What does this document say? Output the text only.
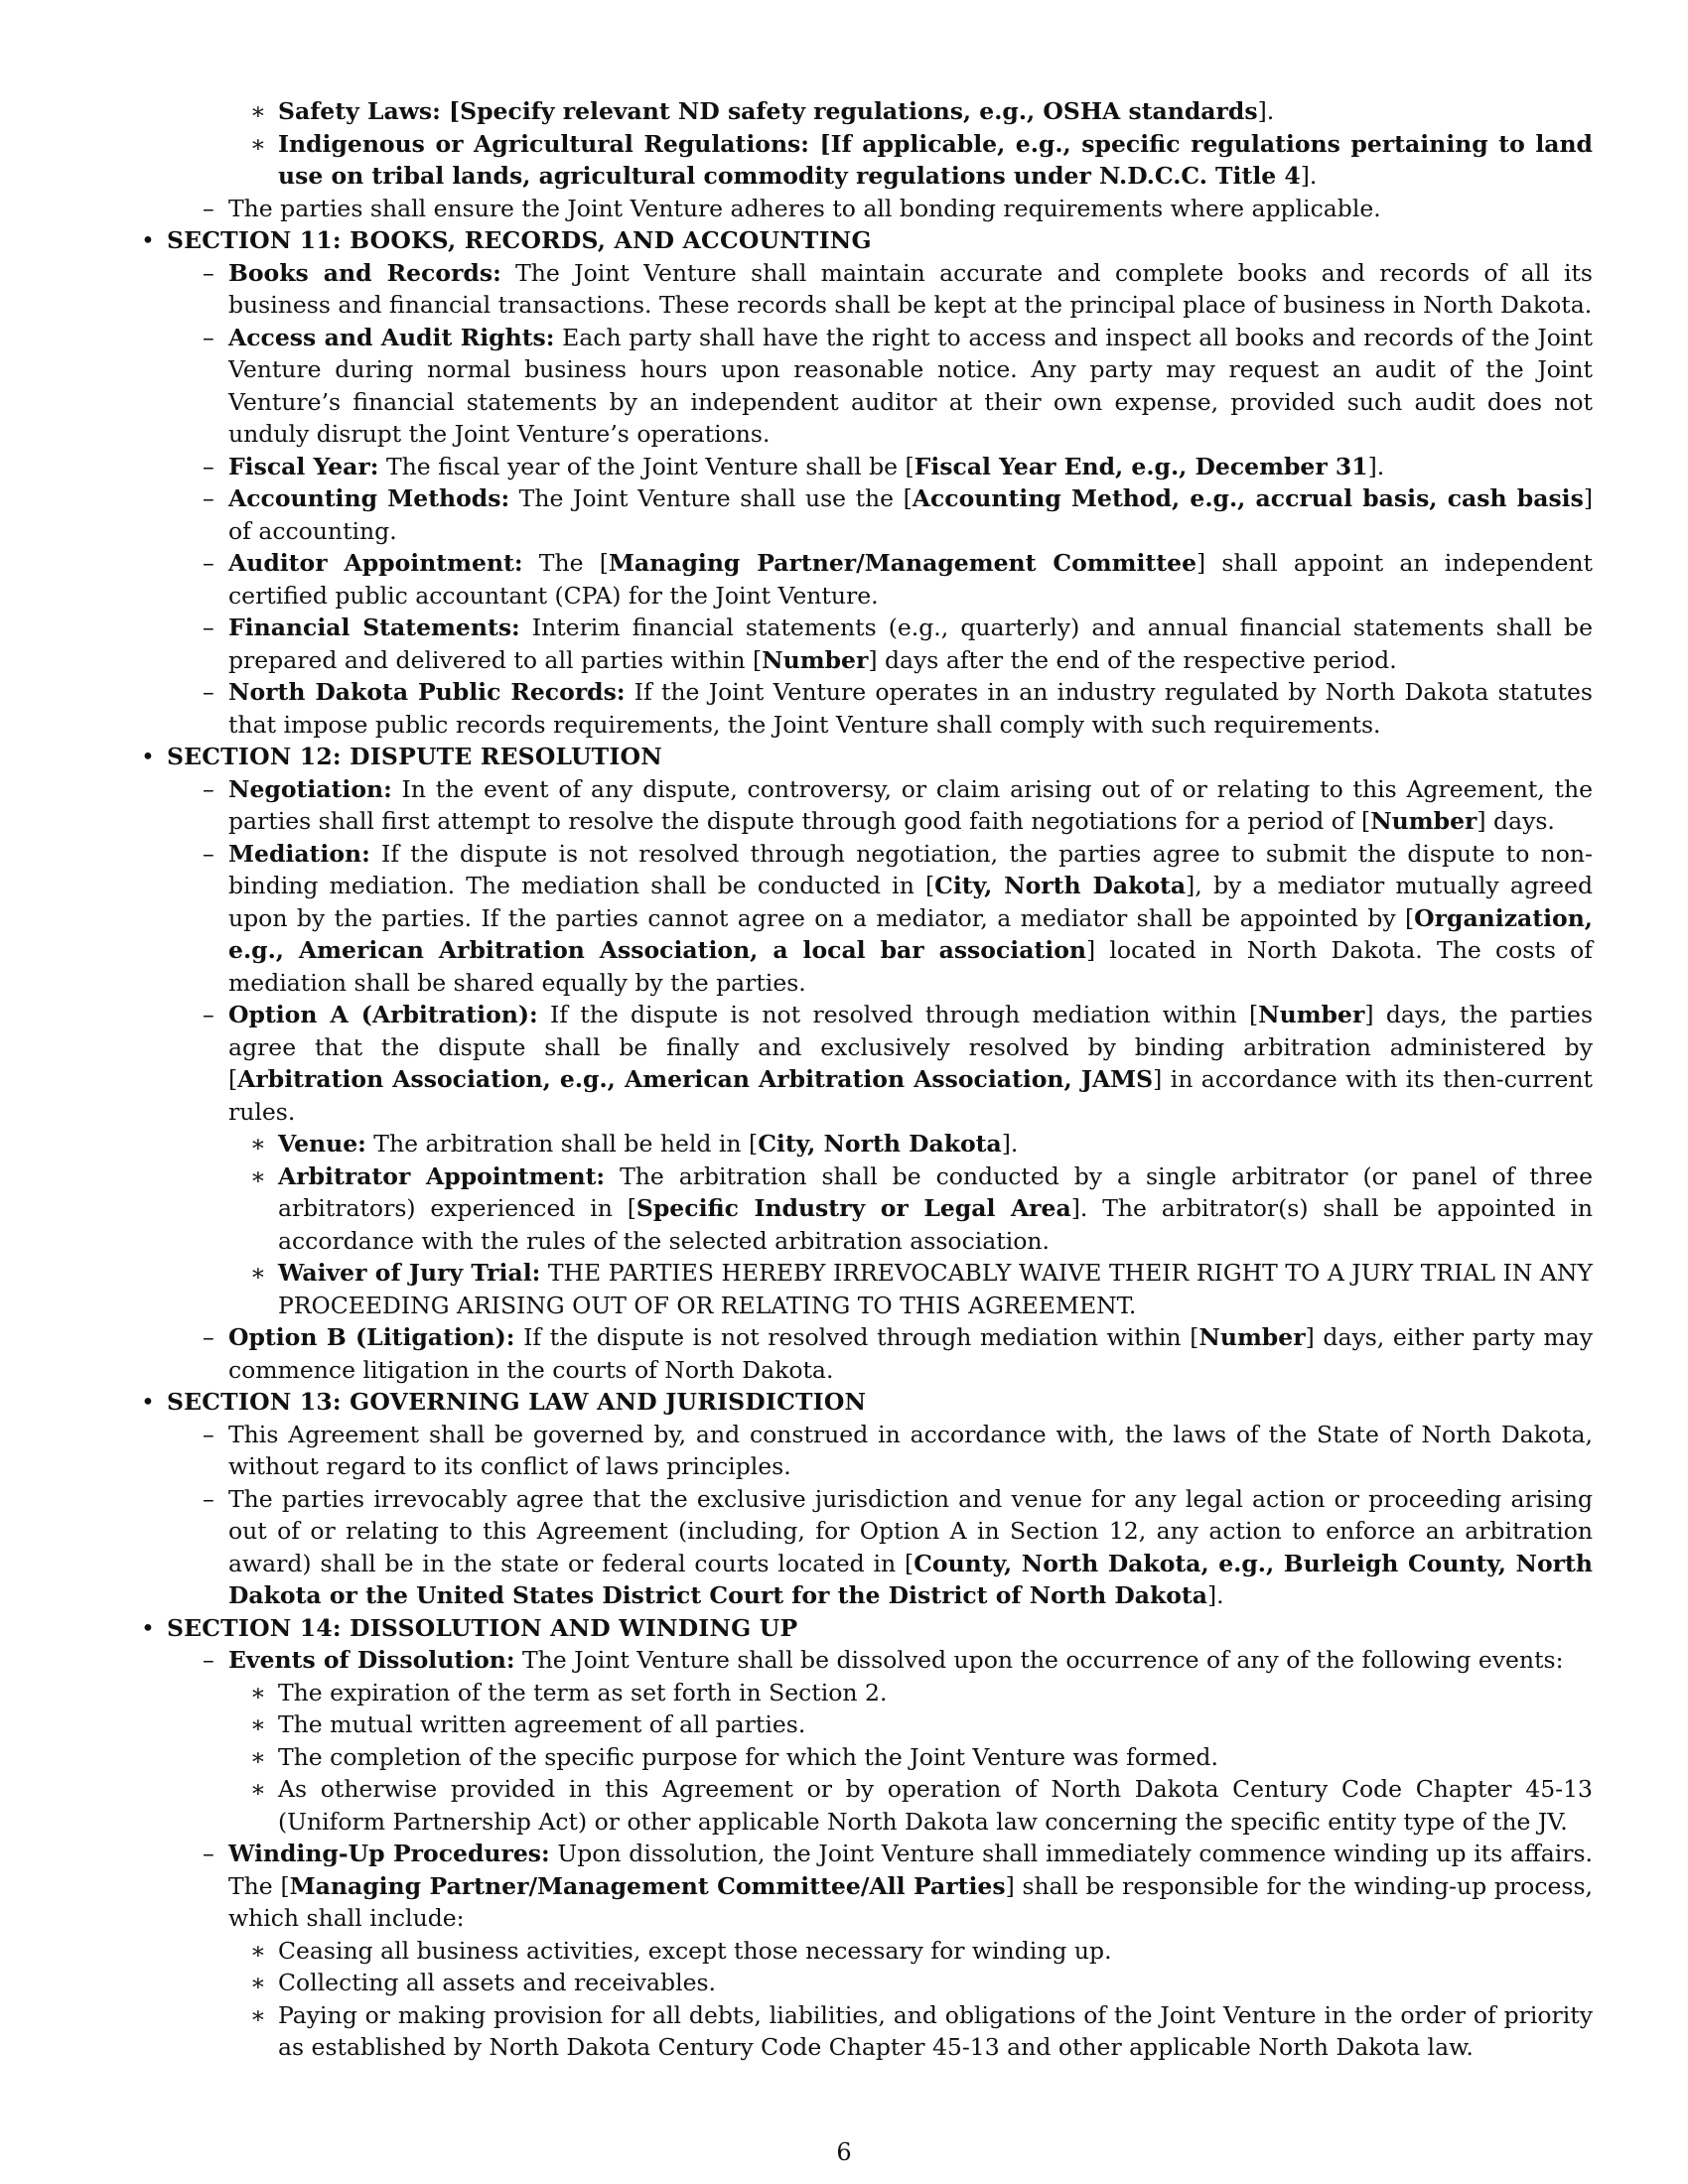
∗ Safety Laws: [Specify relevant ND safety regulations, e.g., OSHA standards].
∗ Indigenous or Agricultural Regulations: [If applicable, e.g., specific regulations pertaining to land use on tribal lands, agricultural commodity regulations under N.D.C.C. Title 4].
– The parties shall ensure the Joint Venture adheres to all bonding requirements where applicable.
• SECTION 11: BOOKS, RECORDS, AND ACCOUNTING
– Books and Records: The Joint Venture shall maintain accurate and complete books and records of all its business and financial transactions. These records shall be kept at the principal place of business in North Dakota.
– Access and Audit Rights: Each party shall have the right to access and inspect all books and records of the Joint Venture during normal business hours upon reasonable notice. Any party may request an audit of the Joint Venture’s financial statements by an independent auditor at their own expense, provided such audit does not unduly disrupt the Joint Venture’s operations.
– Fiscal Year: The fiscal year of the Joint Venture shall be [Fiscal Year End, e.g., December 31].
– Accounting Methods: The Joint Venture shall use the [Accounting Method, e.g., accrual basis, cash basis] of accounting.
– Auditor Appointment: The [Managing Partner/Management Committee] shall appoint an independent certified public accountant (CPA) for the Joint Venture.
– Financial Statements: Interim financial statements (e.g., quarterly) and annual financial statements shall be prepared and delivered to all parties within [Number] days after the end of the respective period.
– North Dakota Public Records: If the Joint Venture operates in an industry regulated by North Dakota statutes that impose public records requirements, the Joint Venture shall comply with such requirements.
• SECTION 12: DISPUTE RESOLUTION
– Negotiation: In the event of any dispute, controversy, or claim arising out of or relating to this Agreement, the parties shall first attempt to resolve the dispute through good faith negotiations for a period of [Number] days.
– Mediation: If the dispute is not resolved through negotiation, the parties agree to submit the dispute to non-binding mediation. The mediation shall be conducted in [City, North Dakota], by a mediator mutually agreed upon by the parties. If the parties cannot agree on a mediator, a mediator shall be appointed by [Organization, e.g., American Arbitration Association, a local bar association] located in North Dakota. The costs of mediation shall be shared equally by the parties.
– Option A (Arbitration): If the dispute is not resolved through mediation within [Number] days, the parties agree that the dispute shall be finally and exclusively resolved by binding arbitration administered by [Arbitration Association, e.g., American Arbitration Association, JAMS] in accordance with its then-current rules.
∗ Venue: The arbitration shall be held in [City, North Dakota].
∗ Arbitrator Appointment: The arbitration shall be conducted by a single arbitrator (or panel of three arbitrators) experienced in [Specific Industry or Legal Area]. The arbitrator(s) shall be appointed in accordance with the rules of the selected arbitration association.
∗ Waiver of Jury Trial: THE PARTIES HEREBY IRREVOCABLY WAIVE THEIR RIGHT TO A JURY TRIAL IN ANY PROCEEDING ARISING OUT OF OR RELATING TO THIS AGREEMENT.
– Option B (Litigation): If the dispute is not resolved through mediation within [Number] days, either party may commence litigation in the courts of North Dakota.
• SECTION 13: GOVERNING LAW AND JURISDICTION
– This Agreement shall be governed by, and construed in accordance with, the laws of the State of North Dakota, without regard to its conflict of laws principles.
– The parties irrevocably agree that the exclusive jurisdiction and venue for any legal action or proceeding arising out of or relating to this Agreement (including, for Option A in Section 12, any action to enforce an arbitration award) shall be in the state or federal courts located in [County, North Dakota, e.g., Burleigh County, North Dakota or the United States District Court for the District of North Dakota].
• SECTION 14: DISSOLUTION AND WINDING UP
– Events of Dissolution: The Joint Venture shall be dissolved upon the occurrence of any of the following events:
∗ The expiration of the term as set forth in Section 2.
∗ The mutual written agreement of all parties.
∗ The completion of the specific purpose for which the Joint Venture was formed.
∗ As otherwise provided in this Agreement or by operation of North Dakota Century Code Chapter 45-13 (Uniform Partnership Act) or other applicable North Dakota law concerning the specific entity type of the JV.
– Winding-Up Procedures: Upon dissolution, the Joint Venture shall immediately commence winding up its affairs. The [Managing Partner/Management Committee/All Parties] shall be responsible for the winding-up process, which shall include:
∗ Ceasing all business activities, except those necessary for winding up.
∗ Collecting all assets and receivables.
∗ Paying or making provision for all debts, liabilities, and obligations of the Joint Venture in the order of priority as established by North Dakota Century Code Chapter 45-13 and other applicable North Dakota law.
6
